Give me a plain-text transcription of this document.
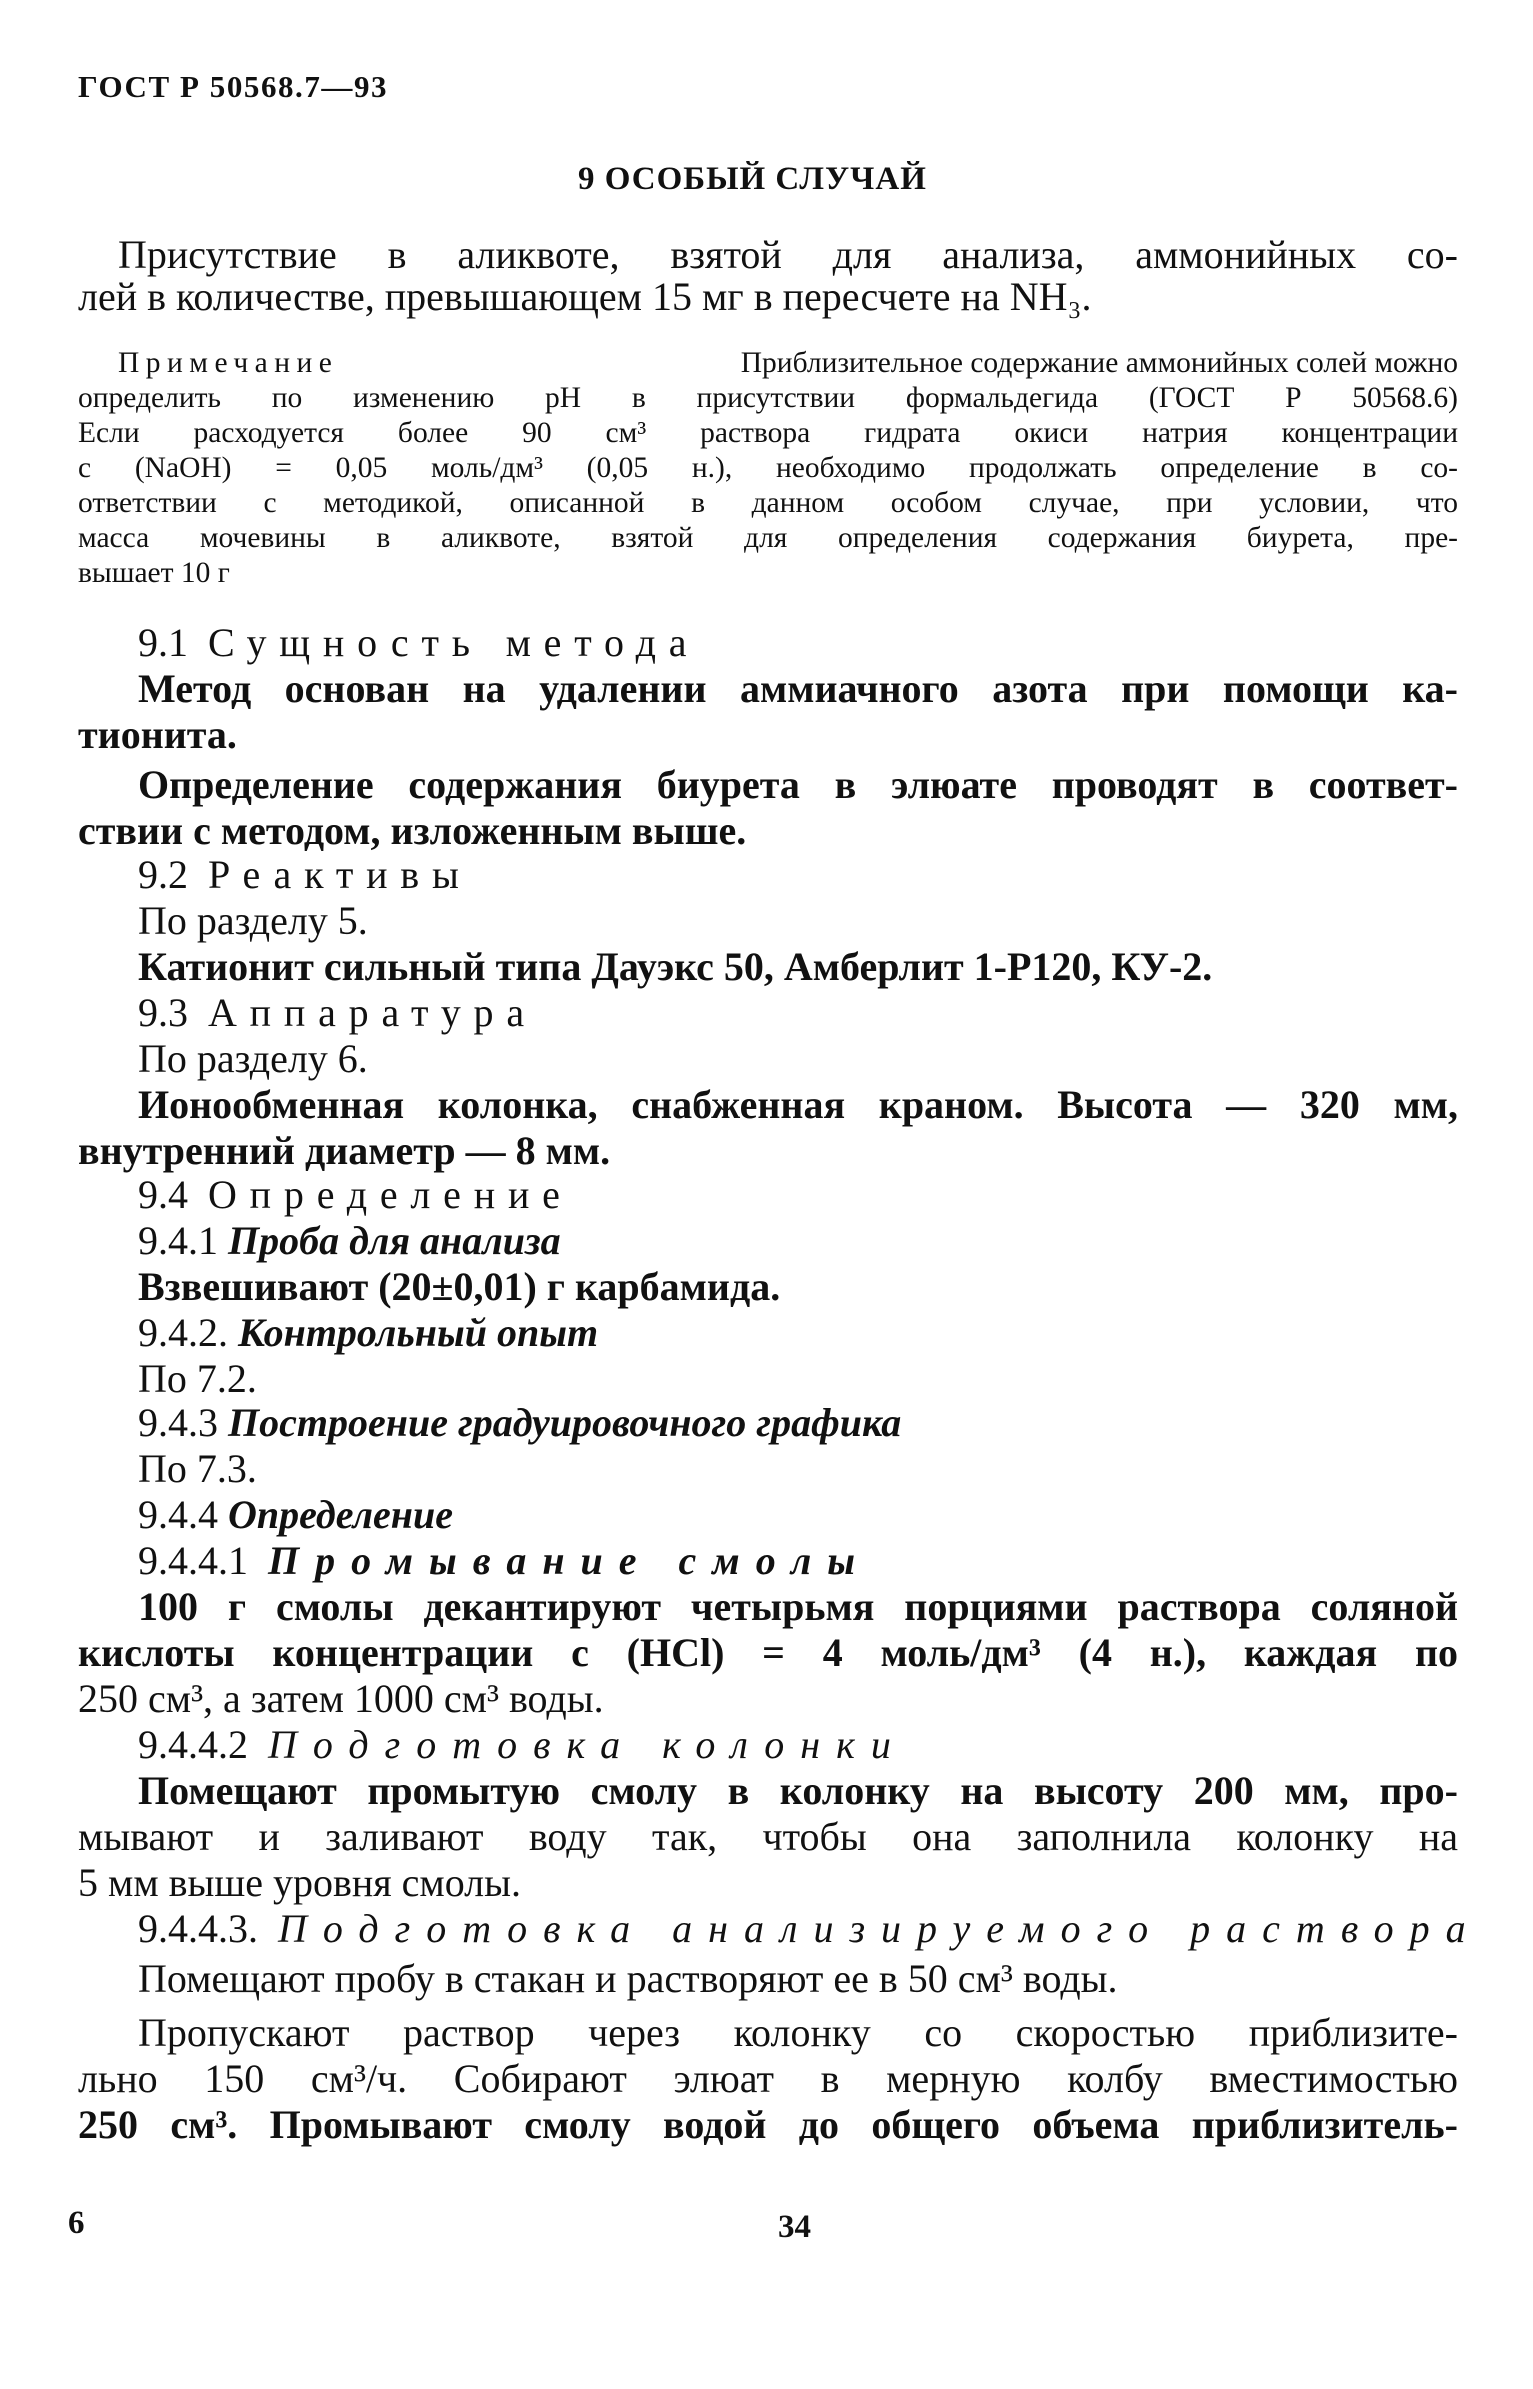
ГОСТ Р 50568.7—93
9 ОСОБЫЙ СЛУЧАЙ
Присутствие в аликвоте, взятой для анализа, аммонийных со-
лей в количестве, превышающем 15 мг в пересчете на NH₃.
Примечание	Приблизительное содержание аммонийных солей можно
определить по изменению pH в присутствии формальдегида (ГОСТ Р 50568.6)
Если расходуется более 90 см³ раствора гидрата окиси натрия концентрации
c (NaOH) = 0,05 моль/дм³ (0,05 н.), необходимо продолжать определение в со-
ответствии с методикой, описанной в данном особом случае, при условии, что
масса мочевины в аликвоте, взятой для определения содержания биурета, пре-
вышает 10 г
9.1 Сущность метода
Метод основан на удалении аммиачного азота при помощи ка-
тионита.
Определение содержания биурета в элюате проводят в соответ-
ствии с методом, изложенным выше.
9.2 Реактивы
По разделу 5.
Катионит сильный типа Дауэкс 50, Амберлит 1-Р120, КУ-2.
9.3 Аппаратура
По разделу 6.
Ионообменная колонка, снабженная краном. Высота — 320 мм,
внутренний диаметр — 8 мм.
9.4 Определение
9.4.1 Проба для анализа
Взвешивают (20±0,01) г карбамида.
9.4.2. Контрольный опыт
По 7.2.
9.4.3 Построение градуировочного графика
По 7.3.
9.4.4 Определение
9.4.4.1 Промывание смолы
100 г смолы декантируют четырьмя порциями раствора соляной
кислоты концентрации c (HCl) = 4 моль/дм³ (4 н.), каждая по
250 см³, а затем 1000 см³ воды.
9.4.4.2 Подготовка колонки
Помещают промытую смолу в колонку на высоту 200 мм, про-
мывают и заливают воду так, чтобы она заполнила колонку на
5 мм выше уровня смолы.
9.4.4.3. Подготовка анализируемого раствора
Помещают пробу в стакан и растворяют ее в 50 см³ воды.
Пропускают раствор через колонку со скоростью приблизите-
льно 150 см³/ч. Собирают элюат в мерную колбу вместимостью
250 см³. Промывают смолу водой до общего объема приблизитель-
6	34
